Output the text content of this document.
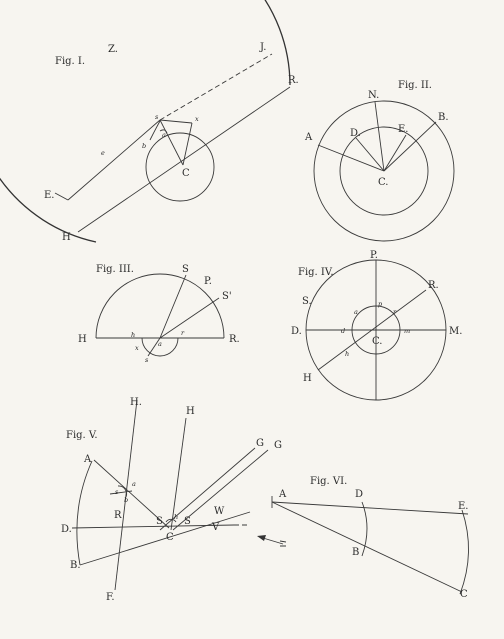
Fig. I.
Z.	J.
R.
E.
H
C
a
b
e
x
s
Fig. II.
N.
A
B.
D.	E.
C.
Fig. III.	S
P.
S'
H	R.
h
x
s
r
a
Fig. IV.
P.
S.
R.
D.	M.
H
C.
a
p
r
d	m
h
Fig. V.
H.
H
G G
A
R
D.
B.
F.
S S
C
W
V
s
a
b
h
Fig. VI.
A	D
E.
B
C
